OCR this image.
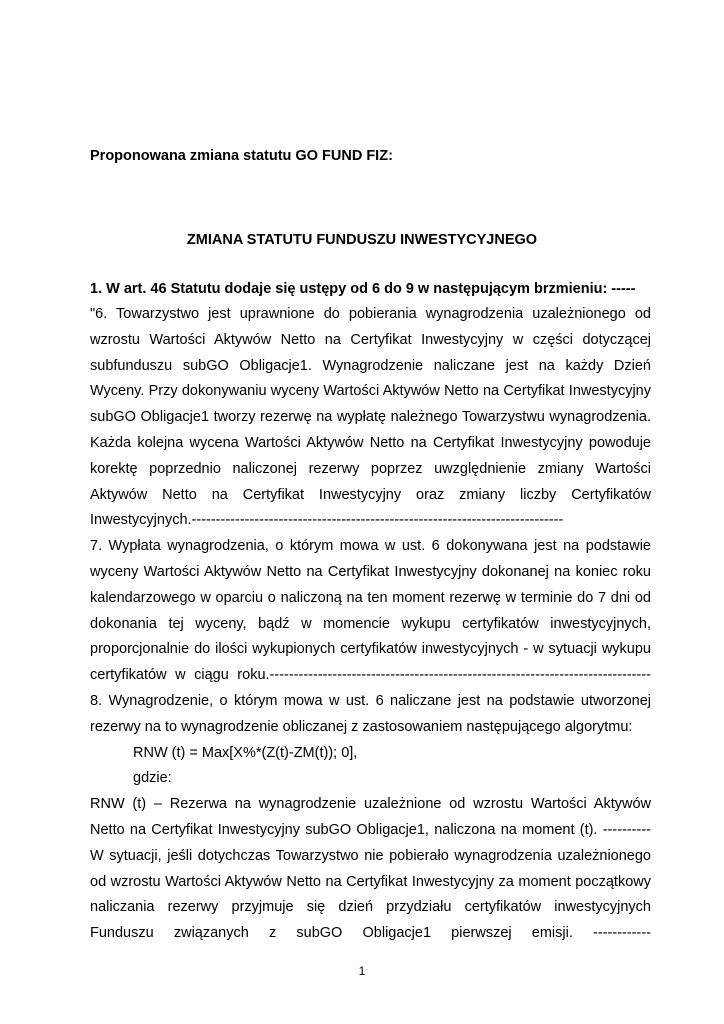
Proponowana zmiana statutu GO FUND FIZ:
ZMIANA STATUTU FUNDUSZU INWESTYCYJNEGO
1. W art. 46 Statutu dodaje się ustępy od 6 do 9 w następującym brzmieniu: -----

"6. Towarzystwo jest uprawnione do pobierania wynagrodzenia uzależnionego od wzrostu Wartości Aktywów Netto na Certyfikat Inwestycyjny w części dotyczącej subfunduszu subGO Obligacje1. Wynagrodzenie naliczane jest na każdy Dzień Wyceny. Przy dokonywaniu wyceny Wartości Aktywów Netto na Certyfikat Inwestycyjny subGO Obligacje1 tworzy rezerwę na wypłatę należnego Towarzystwu wynagrodzenia. Każda kolejna wycena Wartości Aktywów Netto na Certyfikat Inwestycyjny powoduje korektę poprzednio naliczonej rezerwy poprzez uwzględnienie zmiany Wartości Aktywów Netto na Certyfikat Inwestycyjny oraz zmiany liczby Certyfikatów Inwestycyjnych.-----------------------------------------------------------------------------

7. Wypłata wynagrodzenia, o którym mowa w ust. 6 dokonywana jest na podstawie wyceny Wartości Aktywów Netto na Certyfikat Inwestycyjny dokonanej na koniec roku kalendarzowego w oparciu o naliczoną na ten moment rezerwę w terminie do 7 dni od dokonania tej wyceny, bądź w momencie wykupu certyfikatów inwestycyjnych, proporcjonalnie do ilości wykupionych certyfikatów inwestycyjnych - w sytuacji wykupu certyfikatów w ciągu roku.-------------------------------------------------------------------------------

8. Wynagrodzenie, o którym mowa w ust. 6 naliczane jest na podstawie utworzonej rezerwy na to wynagrodzenie obliczanej z zastosowaniem następującego algorytmu:

RNW (t) = Max[X%*(Z(t)-ZM(t)); 0],

gdzie:

RNW (t) – Rezerwa na wynagrodzenie uzależnione od wzrostu Wartości Aktywów Netto na Certyfikat Inwestycyjny subGO Obligacje1, naliczona na moment (t). ----------

W sytuacji, jeśli dotychczas Towarzystwo nie pobierało wynagrodzenia uzależnionego od wzrostu Wartości Aktywów Netto na Certyfikat Inwestycyjny za moment początkowy naliczania rezerwy przyjmuje się dzień przydziału certyfikatów inwestycyjnych Funduszu związanych z subGO Obligacje1 pierwszej emisji. ------------

1
